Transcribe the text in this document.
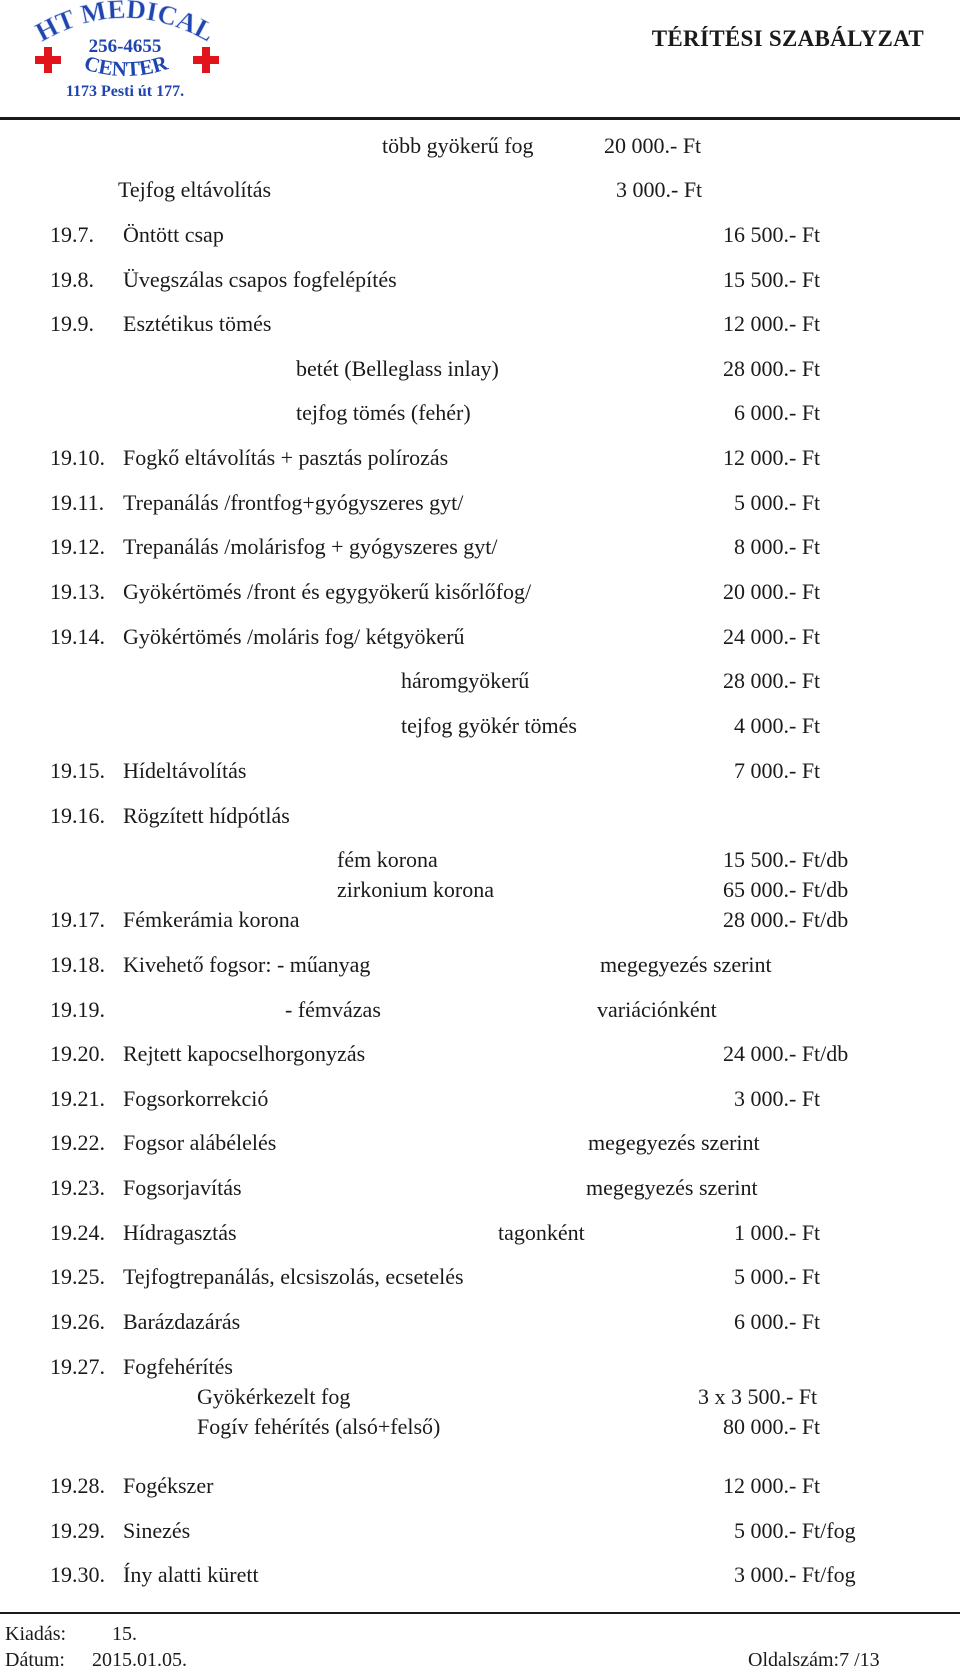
HT MEDICAL
256-4655
CENTER
1173 Pesti út 177.
TÉRÍTÉSI SZABÁLYZAT
több gyökerű fog	20 000.- Ft
Tejfog eltávolítás	3 000.- Ft
19.7. Öntött csap	16 500.- Ft
19.8. Üvegszálas csapos fogfelépítés	15 500.- Ft
19.9. Esztétikus tömés	12 000.- Ft
betét (Belleglass inlay)	28 000.- Ft
tejfog tömés (fehér)	6 000.- Ft
19.10. Fogkő eltávolítás + pasztás polírozás	12 000.- Ft
19.11. Trepanálás /frontfog+gyógyszeres gyt/	5 000.- Ft
19.12. Trepanálás /molárisfog + gyógyszeres gyt/	8 000.- Ft
19.13. Gyökértömés /front és egygyökerű kisőrlőfog/	20 000.- Ft
19.14. Gyökértömés /moláris fog/ kétgyökerű	24 000.- Ft
háromgyökerű	28 000.- Ft
tejfog gyökér tömés	4 000.- Ft
19.15. Hídeltávolítás	7 000.- Ft
19.16. Rögzített hídpótlás
fém korona	15 500.- Ft/db
zirkonium korona	65 000.- Ft/db
19.17. Fémkerámia korona	28 000.- Ft/db
19.18. Kivehető fogsor: - műanyag	megegyezés szerint
19.19.	- fémvázas	variációnként
19.20. Rejtett kapocselhorgonyzás	24 000.- Ft/db
19.21. Fogsorkorrekció	3 000.- Ft
19.22. Fogsor alábélelés	megegyezés szerint
19.23. Fogsorjavítás	megegyezés szerint
19.24. Hídragasztás	tagonként	1 000.- Ft
19.25. Tejfogtrepanálás, elcsiszolás, ecsetelés	5 000.- Ft
19.26. Barázdazárás	6 000.- Ft
19.27. Fogfehérítés
Gyökérkezelt fog	3 x 3 500.- Ft
Fogív fehérítés (alsó+felső)	80 000.- Ft
19.28. Fogékszer	12 000.- Ft
19.29. Sinezés	5 000.- Ft/fog
19.30. Íny alatti kürett	3 000.- Ft/fog
Kiadás: 15.
Dátum: 2015.01.05.	Oldalszám:7 /13
